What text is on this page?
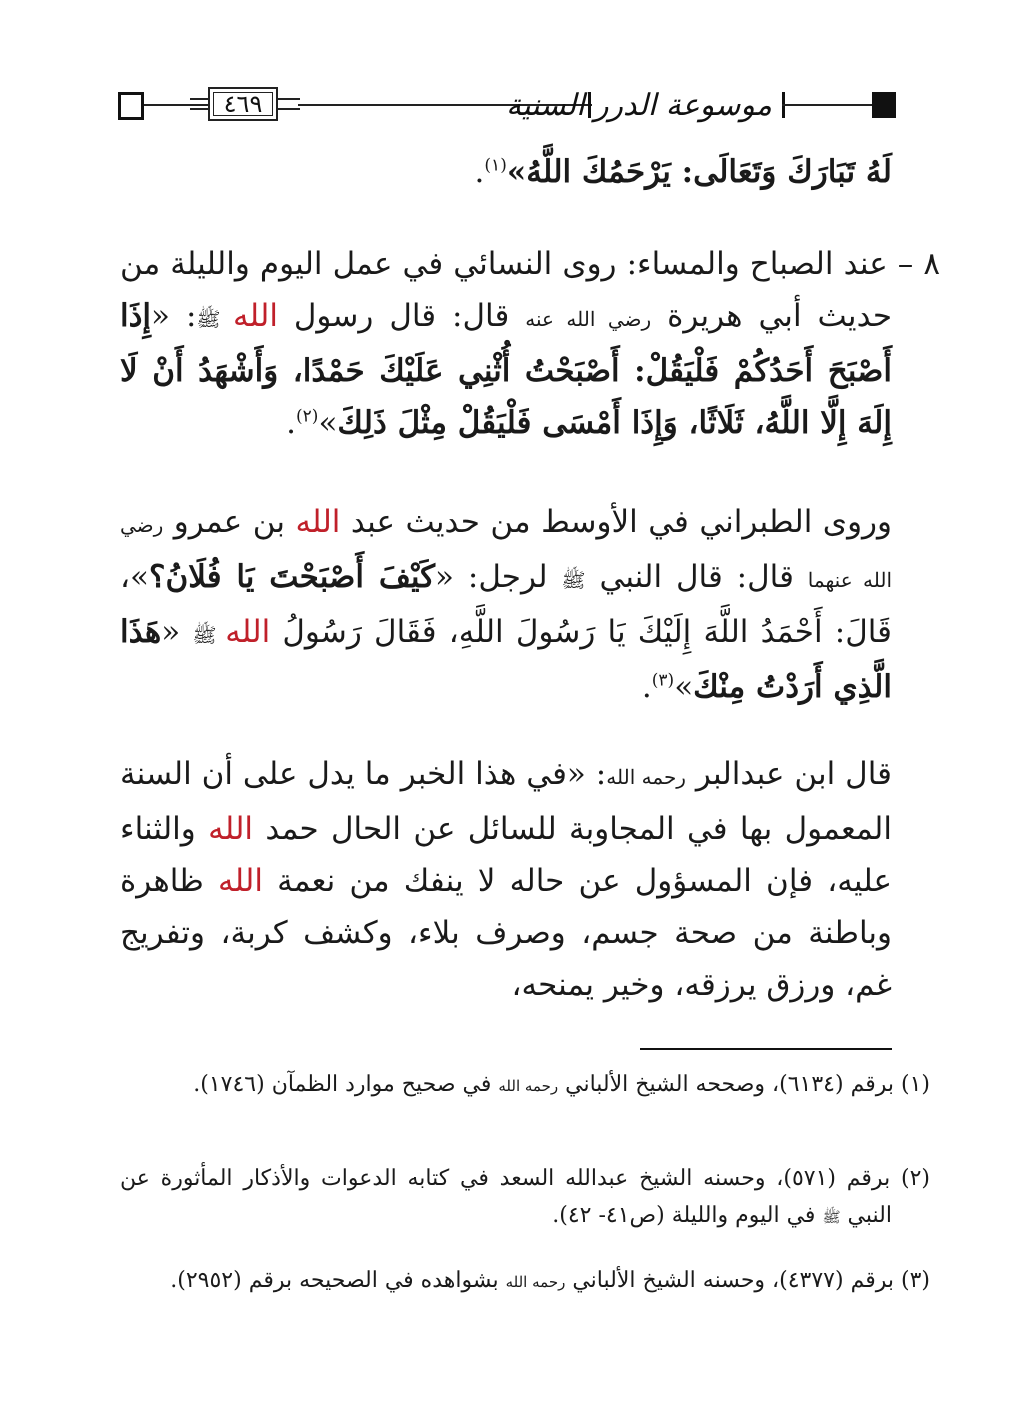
٤٦٩	موسوعة الدرر السنية

لَهُ تَبَارَكَ وَتَعَالَى: يَرْحَمُكَ اللَّهُ»$^{(١)}$.

٨ – عند الصباح والمساء: روى النسائي في عمل اليوم والليلة من حديث أبي هريرة رضي الله عنه قال: قال رسول الله ﷺ: «إِذَا أَصْبَحَ أَحَدُكُمْ فَلْيَقُلْ: أَصْبَحْتُ أُثْنِي عَلَيْكَ حَمْدًا، وَأَشْهَدُ أَنْ لَا إِلَهَ إِلَّا اللَّهُ، ثَلَاثًا، وَإِذَا أَمْسَى فَلْيَقُلْ مِثْلَ ذَلِكَ»$^{(٢)}$.

وروى الطبراني في الأوسط من حديث عبد الله بن عمرو رضي الله عنهما قال: قال النبي ﷺ لرجل: «كَيْفَ أَصْبَحْتَ يَا فُلَانُ؟»، قَالَ: أَحْمَدُ اللَّهَ إِلَيْكَ يَا رَسُولَ اللَّهِ، فَقَالَ رَسُولُ الله ﷺ «هَذَا الَّذِي أَرَدْتُ مِنْكَ»$^{(٣)}$.

قال ابن عبدالبر رحمه الله: «في هذا الخبر ما يدل على أن السنة المعمول بها في المجاوبة للسائل عن الحال حمد الله والثناء عليه، فإن المسؤول عن حاله لا ينفك من نعمة الله ظاهرة وباطنة من صحة جسم، وصرف بلاء، وكشف كربة، وتفريج غم، ورزق يرزقه، وخير يمنحه،

(١) برقم (٦١٣٤)، وصححه الشيخ الألباني رحمه الله في صحيح موارد الظمآن (١٧٤٦).

(٢) برقم (٥٧١)، وحسنه الشيخ عبدالله السعد في كتابه الدعوات والأذكار المأثورة عن النبي ﷺ في اليوم والليلة (ص٤١- ٤٢).

(٣) برقم (٤٣٧٧)، وحسنه الشيخ الألباني رحمه الله بشواهده في الصحيحه برقم (٢٩٥٢).
